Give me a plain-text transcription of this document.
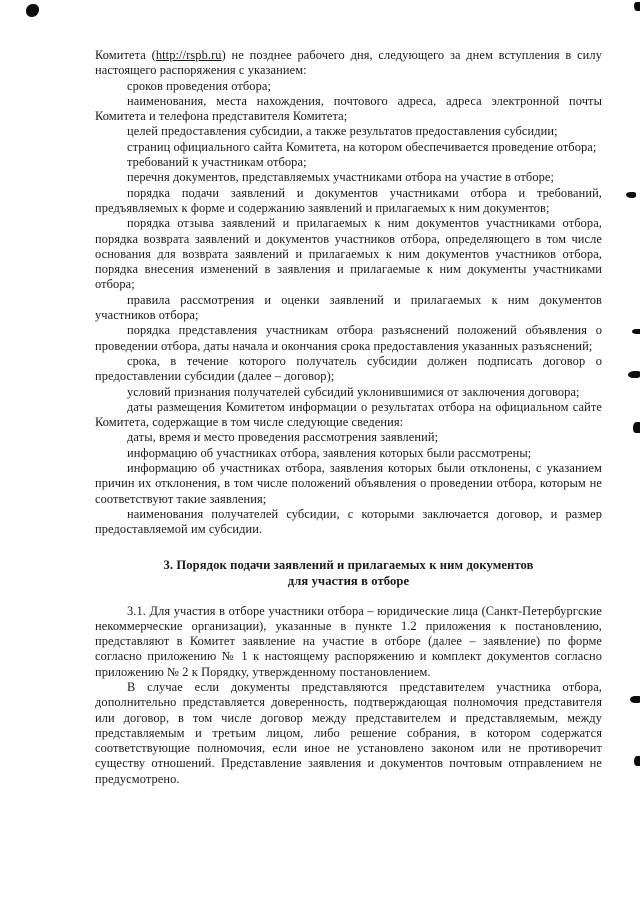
Комитета (http://rspb.ru) не позднее рабочего дня, следующего за днем вступления в силу настоящего распоряжения с указанием:

сроков проведения отбора;

наименования, места нахождения, почтового адреса, адреса электронной почты Комитета и телефона представителя Комитета;

целей предоставления субсидии, а также результатов предоставления субсидии;

страниц официального сайта Комитета, на котором обеспечивается проведение отбора;

требований к участникам отбора;

перечня документов, представляемых участниками отбора на участие в отборе;

порядка подачи заявлений и документов участниками отбора и требований, предъявляемых к форме и содержанию заявлений и прилагаемых к ним документов;

порядка отзыва заявлений и прилагаемых к ним документов участниками отбора, порядка возврата заявлений и документов участников отбора, определяющего в том числе основания для возврата заявлений и прилагаемых к ним документов участников отбора, порядка внесения изменений в заявления и прилагаемые к ним документы участниками отбора;

правила рассмотрения и оценки заявлений и прилагаемых к ним документов участников отбора;

порядка представления участникам отбора разъяснений положений объявления о проведении отбора, даты начала и окончания срока предоставления указанных разъяснений;

срока, в течение которого получатель субсидии должен подписать договор о предоставлении субсидии (далее – договор);

условий признания получателей субсидий уклонившимися от заключения договора;

даты размещения Комитетом информации о результатах отбора на официальном сайте Комитета, содержащие в том числе следующие сведения:

даты, время и место проведения рассмотрения заявлений;

информацию об участниках отбора, заявления которых были рассмотрены;

информацию об участниках отбора, заявления которых были отклонены, с указанием причин их отклонения, в том числе положений объявления о проведении отбора, которым не соответствуют такие заявления;

наименования получателей субсидии, с которыми заключается договор, и размер предоставляемой им субсидии.

3. Порядок подачи заявлений и прилагаемых к ним документов
для участия в отборе

3.1. Для участия в отборе участники отбора – юридические лица (Санкт-Петербургские некоммерческие организации), указанные в пункте 1.2 приложения к постановлению, представляют в Комитет заявление на участие в отборе (далее – заявление) по форме согласно приложению № 1 к настоящему распоряжению и комплект документов согласно приложению № 2 к Порядку, утвержденному постановлением.

В случае если документы представляются представителем участника отбора, дополнительно представляется доверенность, подтверждающая полномочия представителя или договор, в том числе договор между представителем и представляемым, между представляемым и третьим лицом, либо решение собрания, в котором содержатся соответствующие полномочия, если иное не установлено законом или не противоречит существу отношений. Представление заявления и документов почтовым отправлением не предусмотрено.
